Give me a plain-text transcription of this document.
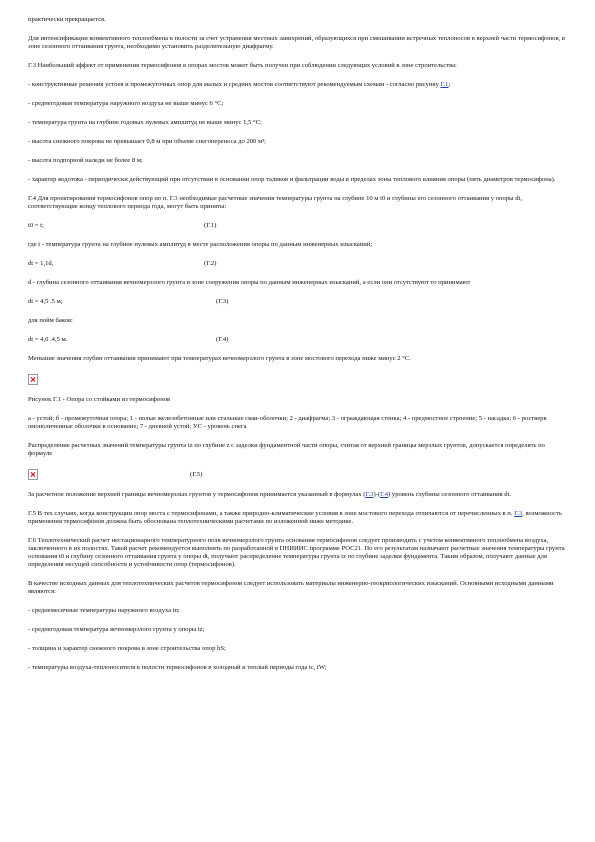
практически прекращается.

Для интенсификации конвективного теплообмена в полости за счет устранения местных завихрений, образующихся при смешивании встречных теплоносов в верхней части термосифонов, в зоне сезонного оттаивания грунта, необходимо установить разделительную диафрагму.

Г.3 Наибольший эффект от применения термосифонов в опорах мостов может быть получен при соблюдении следующих условий в зоне строительства:

- конструктивные решения устоев и промежуточных опор для малых и средних мостов соответствуют рекомендуемым схемам - согласно рисунку Г.1;

- среднегодовая температура наружного воздуха не выше минус 6 °С;

- температура грунта на глубине годовых нулевых амплитуд не выше минус 1,5 °С;

- высота снежного покрова не превышает 0,8 м при объеме снегопереноса до 200 м³;

- высота подпорной наледи не более 8 м;

- характер водотока - периодически действующий при отсутствии в основании опор таликов и фильтрации воды в пределах зоны теплового влияния опоры (пять диаметров термосифона).

Г.4 Для проектирования термосифонов опор по п. Г.3 необходимые расчетные значения температуры грунта на глубине 10 м t0 и глубины его сезонного оттаивания у опоры dt, соответствующие концу теплового периода года, могут быть приняты:

t0 = t;	(Г.1)

где t - температура грунта на глубине нулевых амплитуд в месте расположения опоры по данным инженерных изысканий;

dt = 1,1d,	(Г.2)

d - глубина сезонного оттаивания вечномерзлого грунта в зоне сооружения опоры по данным инженерных изысканий, а если они отсутствуют то принимают

dt = 4,5 .5 м;	(Г.3)

для пойм баков:

dt = 4,0 .4,5 м.	(Г.4)

Меньшие значения глубин оттаивания принимают при температурах вечномерзлого грунта в зоне мостового перехода ниже минус 2 °С.

Рисунок Г.1 - Опора со стойками из термосифонов

а - устой; б - промежуточная опора; 1 - полые железобетонные или стальные сваи-оболочки; 2 - диафрагма; 3 - ограждающая стенка; 4 - предмостное строение; 5 - насадка; 6 - ростверк омоноличенные оболочки в основание; 7 - дневной устой; УС - уровень снега

Распределение расчетных значений температуры грунта tz по глубине z с заделки фундаментной части опоры, считая от верхней границы мерзлых грунтов, допускается определять по формуле

(Г.5)

За расчетное положение верхней границы вечномерзлых грунтов у термосифонов принимается указанный в формулах (Г.3)-(Г.4) уровень глубины сезонного оттаивания dt.

Г.5 В тех случаях, когда конструкции опор моста с термосифонами, а также природно-климатические условия в зоне мостового перехода отличаются от перечисленных в п. Г.3, возможность применения термосифонов должна быть обоснована теплотехническими расчетами по изложенной ниже методике.

Г.6 Теплотехнический расчет нестационарного температурного поля вечномерзлого грунта основания термосифонов следует производить с учетом конвективного теплообмена воздуха, заключенного в их полостях. Такой расчет рекомендуется выполнять по разработанной в ПНИИИС программе РОС21. По его результатам назначают расчетные значения температуры грунта основания t0 и глубину сезонного оттаивания грунта у опоры dt, получают распределение температуры грунта tz по глубине заделки фундамента. Таким образом, получают данные для определения несущей способности и устойчивости опор (термосифонов).

В качестве исходных данных для теплотехнических расчетов термосифонов следует использовать материалы инженерно-геокриологических изысканий. Основными исходными данными являются:

- среднемесячные температуры наружного воздуха tn;

- среднегодовая температура вечномерзлого грунта у опоры tz;

- толщина и характер снежного покрова в зоне строительства опор hS;

- температуры воздуха-теплоносителя в полости термосифонов в холодный и теплый периоды года tc, tW;
